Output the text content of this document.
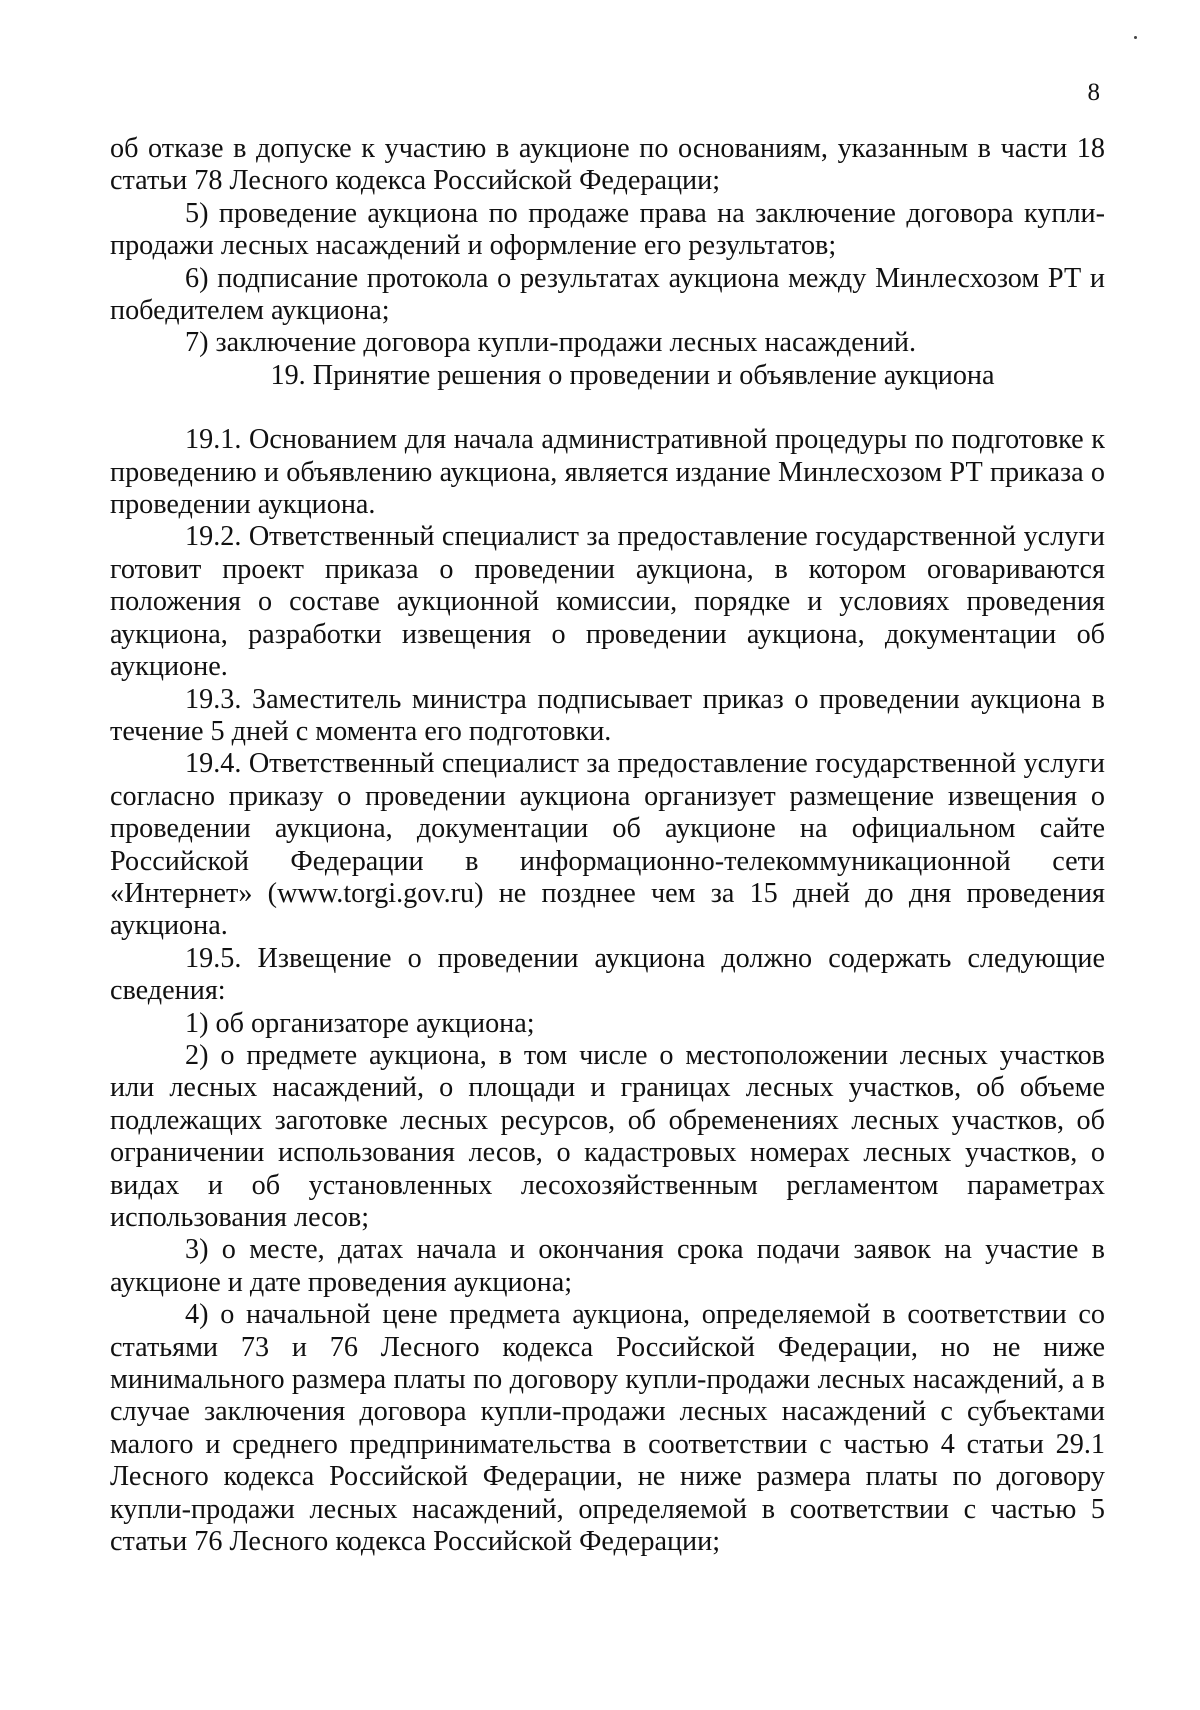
8

об отказе в допуске к участию в аукционе по основаниям, указанным в части 18 статьи 78 Лесного кодекса Российской Федерации;

5) проведение аукциона по продаже права на заключение договора купли-продажи лесных насаждений и оформление его результатов;

6) подписание протокола о результатах аукциона между Минлесхозом РТ и победителем аукциона;

7) заключение договора купли-продажи лесных насаждений.

19. Принятие решения о проведении и объявление аукциона

19.1. Основанием для начала административной процедуры по подготовке к проведению и объявлению аукциона, является издание Минлесхозом РТ приказа о проведении аукциона.

19.2. Ответственный специалист за предоставление государственной услуги готовит проект приказа о проведении аукциона, в котором оговариваются положения о составе аукционной комиссии, порядке и условиях проведения аукциона, разработки извещения о проведении аукциона, документации об аукционе.

19.3. Заместитель министра подписывает приказ о проведении аукциона в течение 5 дней с момента его подготовки.

19.4. Ответственный специалист за предоставление государственной услуги согласно приказу о проведении аукциона организует размещение извещения о проведении аукциона, документации об аукционе на официальном сайте Российской Федерации в информационно-телекоммуникационной сети «Интернет» (www.torgi.gov.ru) не позднее чем за 15 дней до дня проведения аукциона.

19.5. Извещение о проведении аукциона должно содержать следующие сведения:

1) об организаторе аукциона;

2) о предмете аукциона, в том числе о местоположении лесных участков или лесных насаждений, о площади и границах лесных участков, об объеме подлежащих заготовке лесных ресурсов, об обременениях лесных участков, об ограничении использования лесов, о кадастровых номерах лесных участков, о видах и об установленных лесохозяйственным регламентом параметрах использования лесов;

3) о месте, датах начала и окончания срока подачи заявок на участие в аукционе и дате проведения аукциона;

4) о начальной цене предмета аукциона, определяемой в соответствии со статьями 73 и 76 Лесного кодекса Российской Федерации, но не ниже минимального размера платы по договору купли-продажи лесных насаждений, а в случае заключения договора купли-продажи лесных насаждений с субъектами малого и среднего предпринимательства в соответствии с частью 4 статьи 29.1 Лесного кодекса Российской Федерации, не ниже размера платы по договору купли-продажи лесных насаждений, определяемой в соответствии с частью 5 статьи 76 Лесного кодекса Российской Федерации;
